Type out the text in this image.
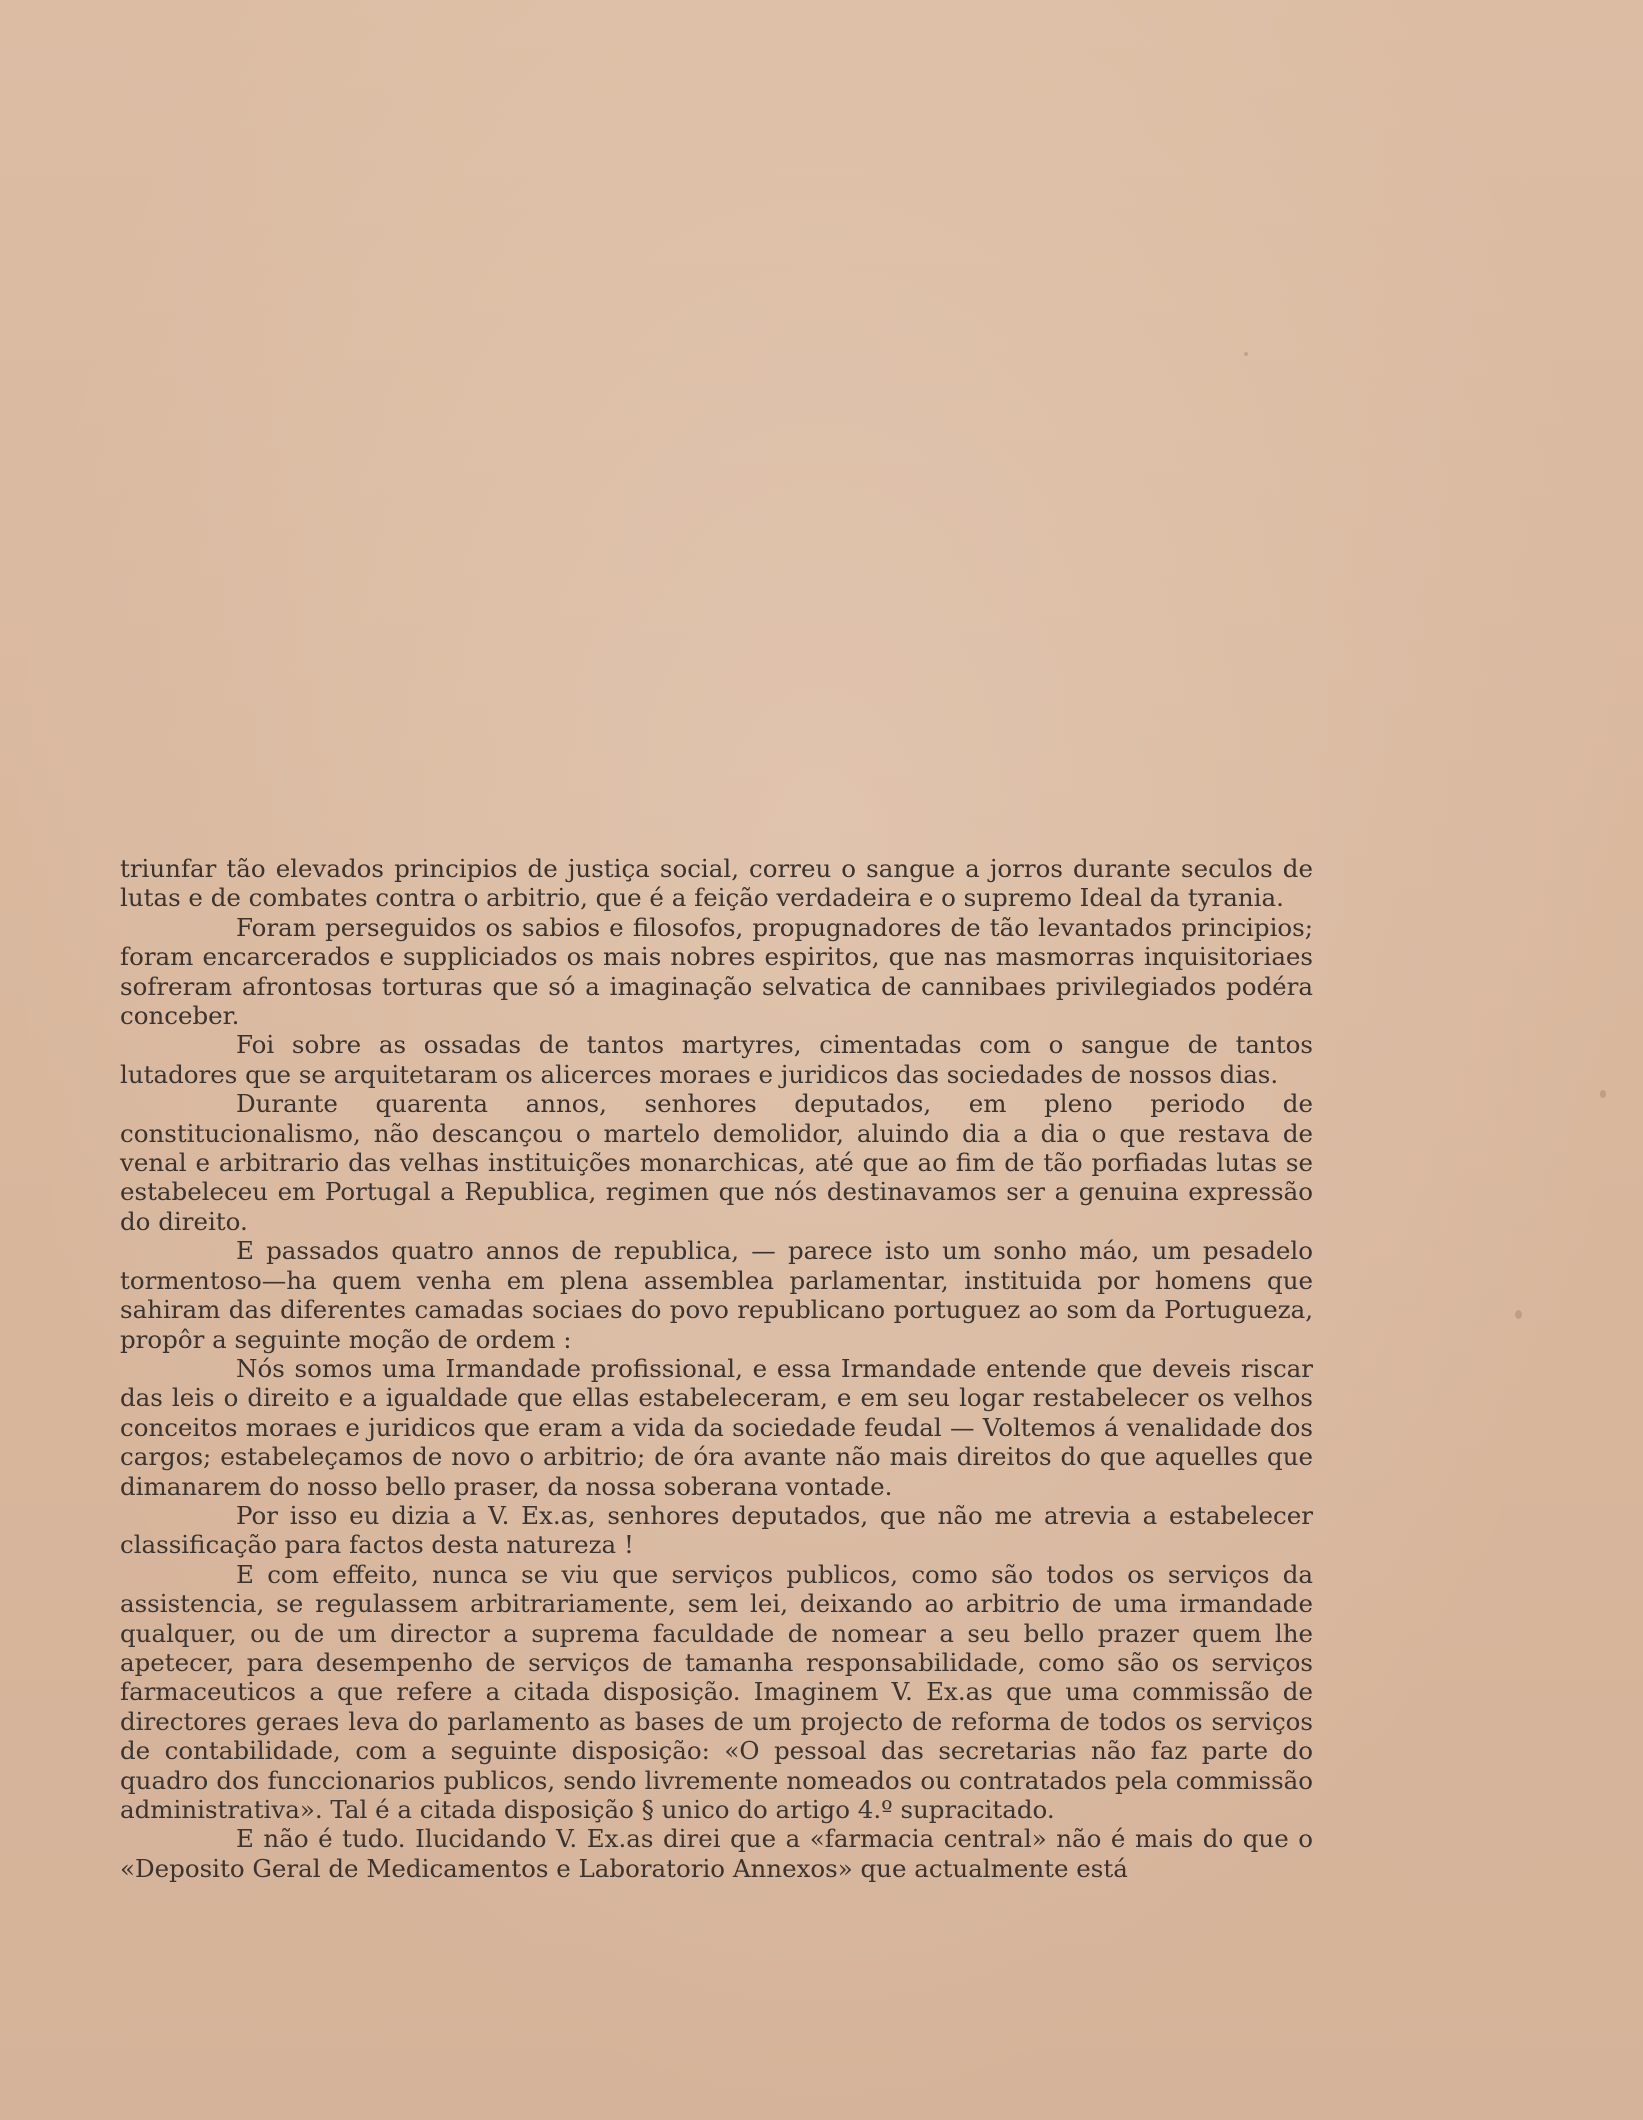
triunfar tão elevados principios de justiça social, correu o sangue a jorros durante seculos de lutas e de combates contra o arbitrio, que é a feição verdadeira e o supremo Ideal da tyrania.

Foram perseguidos os sabios e filosofos, propugnadores de tão levantados principios; foram encarcerados e suppliciados os mais nobres espiritos, que nas masmorras inquisitoriaes sofreram afrontosas torturas que só a imaginação selvatica de cannibaes privilegiados podéra conceber.

Foi sobre as ossadas de tantos martyres, cimentadas com o sangue de tantos lutadores que se arquitetaram os alicerces moraes e juridicos das sociedades de nossos dias.

Durante quarenta annos, senhores deputados, em pleno periodo de constitucionalismo, não descançou o martelo demolidor, aluindo dia a dia o que restava de venal e arbitrario das velhas instituições monarchicas, até que ao fim de tão porfiadas lutas se estabeleceu em Portugal a Republica, regimen que nós destinavamos ser a genuina expressão do direito.

E passados quatro annos de republica, — parece isto um sonho máo, um pesadelo tormentoso—ha quem venha em plena assemblea parlamentar, instituida por homens que sahiram das diferentes camadas sociaes do povo republicano portuguez ao som da Portugueza, propôr a seguinte moção de ordem :

Nós somos uma Irmandade profissional, e essa Irmandade entende que deveis riscar das leis o direito e a igualdade que ellas estabeleceram, e em seu logar restabelecer os velhos conceitos moraes e juridicos que eram a vida da sociedade feudal — Voltemos á venalidade dos cargos; estabeleçamos de novo o arbitrio; de óra avante não mais direitos do que aquelles que dimanarem do nosso bello praser, da nossa soberana vontade.

Por isso eu dizia a V. Ex.as, senhores deputados, que não me atrevia a estabelecer classificação para factos desta natureza !

E com effeito, nunca se viu que serviços publicos, como são todos os serviços da assistencia, se regulassem arbitrariamente, sem lei, deixando ao arbitrio de uma irmandade qualquer, ou de um director a suprema faculdade de nomear a seu bello prazer quem lhe apetecer, para desempenho de serviços de tamanha responsabilidade, como são os serviços farmaceuticos a que refere a citada disposição. Imaginem V. Ex.as que uma commissão de directores geraes leva do parlamento as bases de um projecto de reforma de todos os serviços de contabilidade, com a seguinte disposição: «O pessoal das secretarias não faz parte do quadro dos funccionarios publicos, sendo livremente nomeados ou contratados pela commissão administrativa». Tal é a citada disposição § unico do artigo 4.º supracitado.

E não é tudo. Ilucidando V. Ex.as direi que a «farmacia central» não é mais do que o «Deposito Geral de Medicamentos e Laboratorio Annexos» que actualmente está
